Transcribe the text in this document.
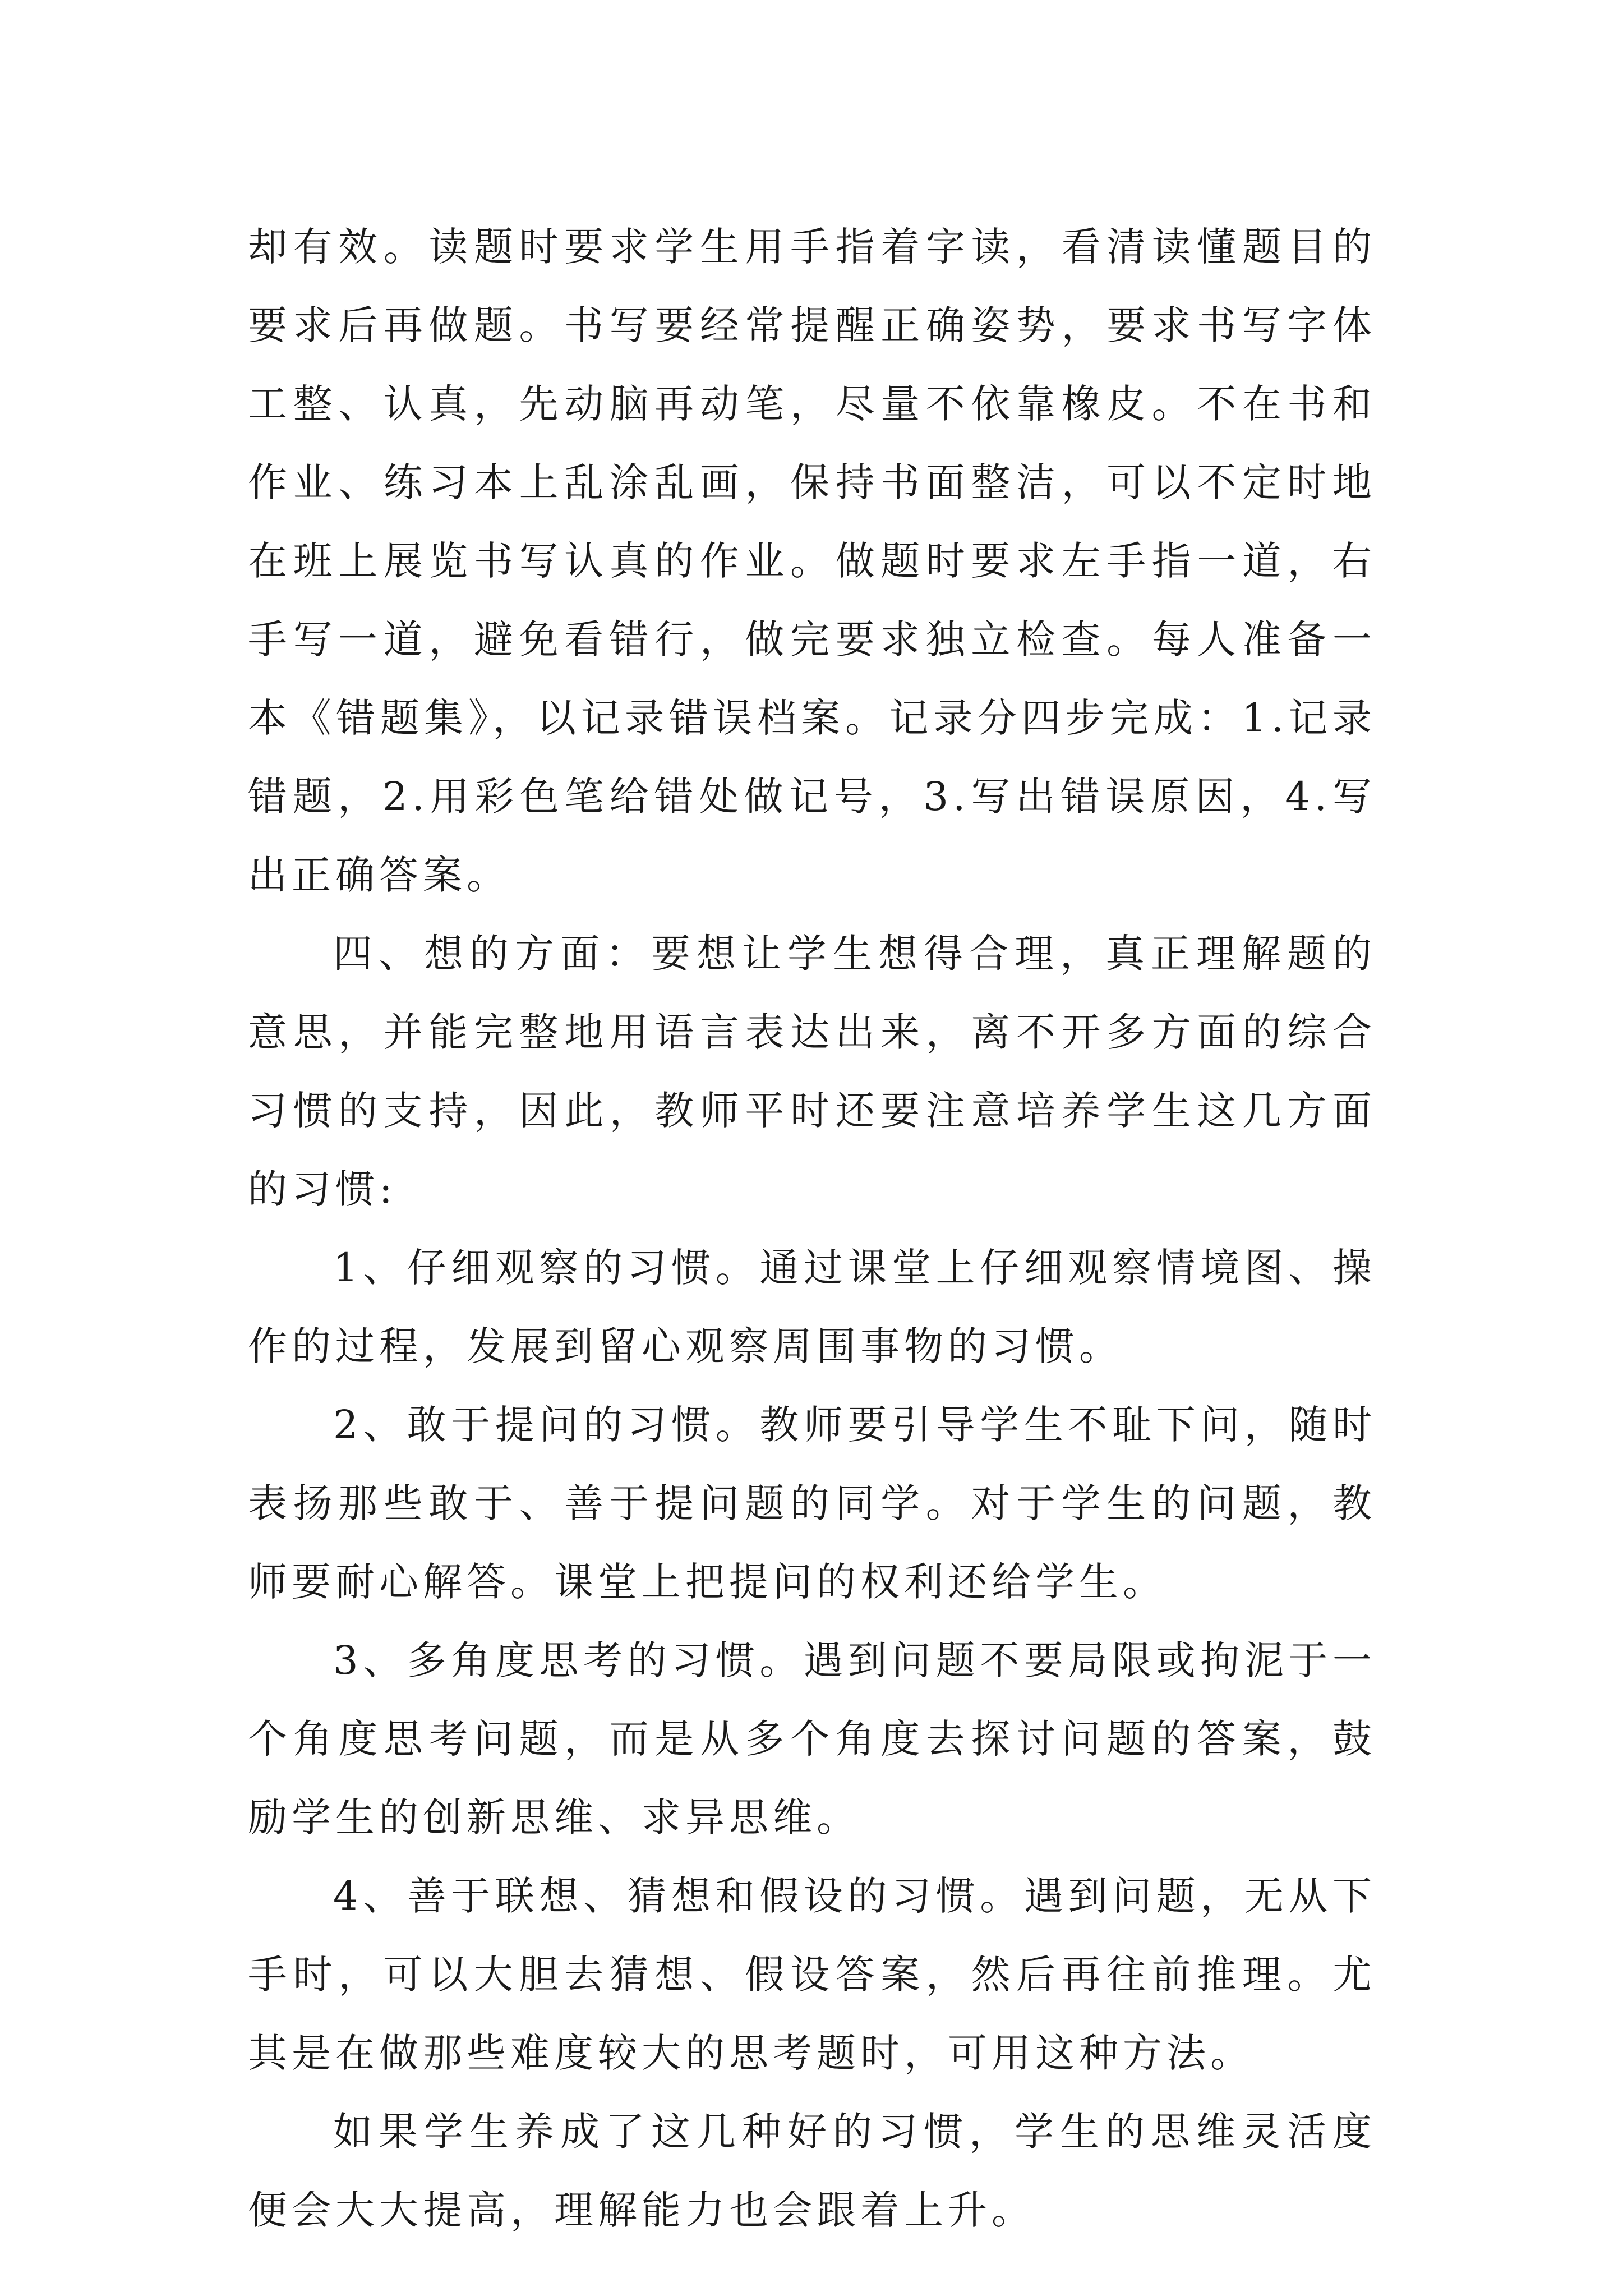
却有效。读题时要求学生用手指着字读，看清读懂题目的要求后再做题。书写要经常提醒正确姿势，要求书写字体工整、认真，先动脑再动笔，尽量不依靠橡皮。不在书和作业、练习本上乱涂乱画，保持书面整洁，可以不定时地在班上展览书写认真的作业。做题时要求左手指一道，右手写一道，避免看错行，做完要求独立检查。每人准备一本《错题集》，以记录错误档案。记录分四步完成：1.记录错题，2.用彩色笔给错处做记号，3.写出错误原因，4.写出正确答案。

四、想的方面：要想让学生想得合理，真正理解题的意思，并能完整地用语言表达出来，离不开多方面的综合习惯的支持，因此，教师平时还要注意培养学生这几方面的习惯:

1、仔细观察的习惯。通过课堂上仔细观察情境图、操作的过程，发展到留心观察周围事物的习惯。

2、敢于提问的习惯。教师要引导学生不耻下问，随时表扬那些敢于、善于提问题的同学。对于学生的问题，教师要耐心解答。课堂上把提问的权利还给学生。

3、多角度思考的习惯。遇到问题不要局限或拘泥于一个角度思考问题，而是从多个角度去探讨问题的答案，鼓励学生的创新思维、求异思维。

4、善于联想、猜想和假设的习惯。遇到问题，无从下手时，可以大胆去猜想、假设答案，然后再往前推理。尤其是在做那些难度较大的思考题时，可用这种方法。

如果学生养成了这几种好的习惯，学生的思维灵活度便会大大提高，理解能力也会跟着上升。
